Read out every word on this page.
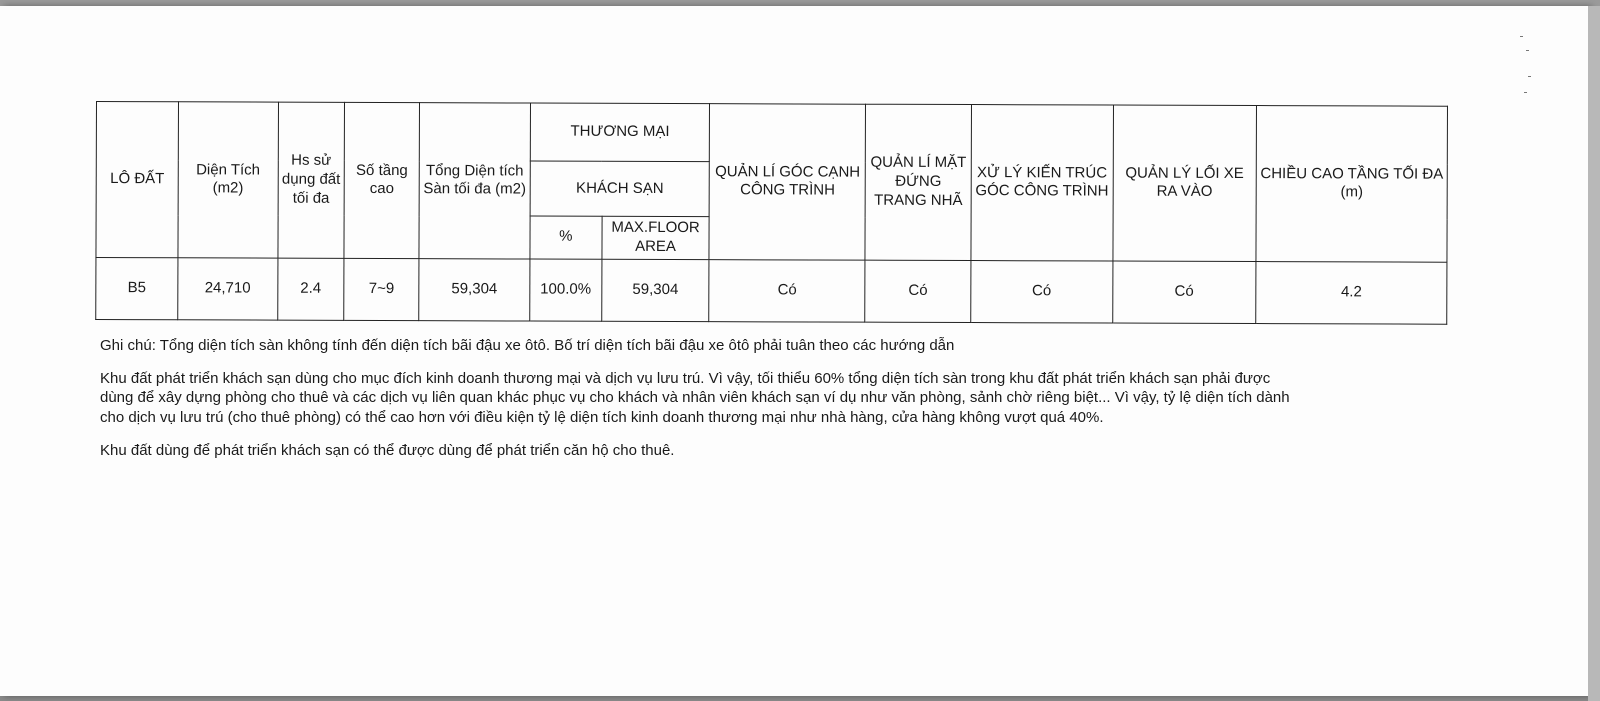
LÔ ĐẤT	Diện Tích (m2)	Hs sử dụng đất tối đa	Số tầng cao	Tổng Diện tích Sàn tối đa (m2)	THƯƠNG MẠI		QUẢN LÍ GÓC CẠNH CÔNG TRÌNH	QUẢN LÍ MẶT ĐỨNG TRANG NHÃ	XỬ LÝ KIẾN TRÚC GÓC CÔNG TRÌNH	QUẢN LÝ LỐI XE RA VÀO	CHIỀU CAO TẦNG TỐI ĐA (m)
					KHÁCH SẠN						
					%	MAX.FLOOR AREA					
B5	24,710	2.4	7~9	59,304	100.0%	59,304	Có	Có	Có	Có	4.2

Ghi chú: Tổng diện tích sàn không tính đến diện tích bãi đậu xe ôtô. Bố trí diện tích bãi đậu xe ôtô phải tuân theo các hướng dẫn

Khu đất phát triển khách sạn dùng cho mục đích kinh doanh thương mại và dịch vụ lưu trú. Vì vậy, tối thiểu 60% tổng diện tích sàn trong khu đất phát triển khách sạn phải được
dùng để xây dựng phòng cho thuê và các dịch vụ liên quan khác phục vụ cho khách và nhân viên khách sạn ví dụ như văn phòng, sảnh chờ riêng biệt... Vì vậy, tỷ lệ diện tích dành
cho dịch vụ lưu trú (cho thuê phòng) có thể cao hơn với điều kiện tỷ lệ diện tích kinh doanh thương mại như nhà hàng, cửa hàng không vượt quá 40%.

Khu đất dùng để phát triển khách sạn có thể được dùng để phát triển căn hộ cho thuê.
